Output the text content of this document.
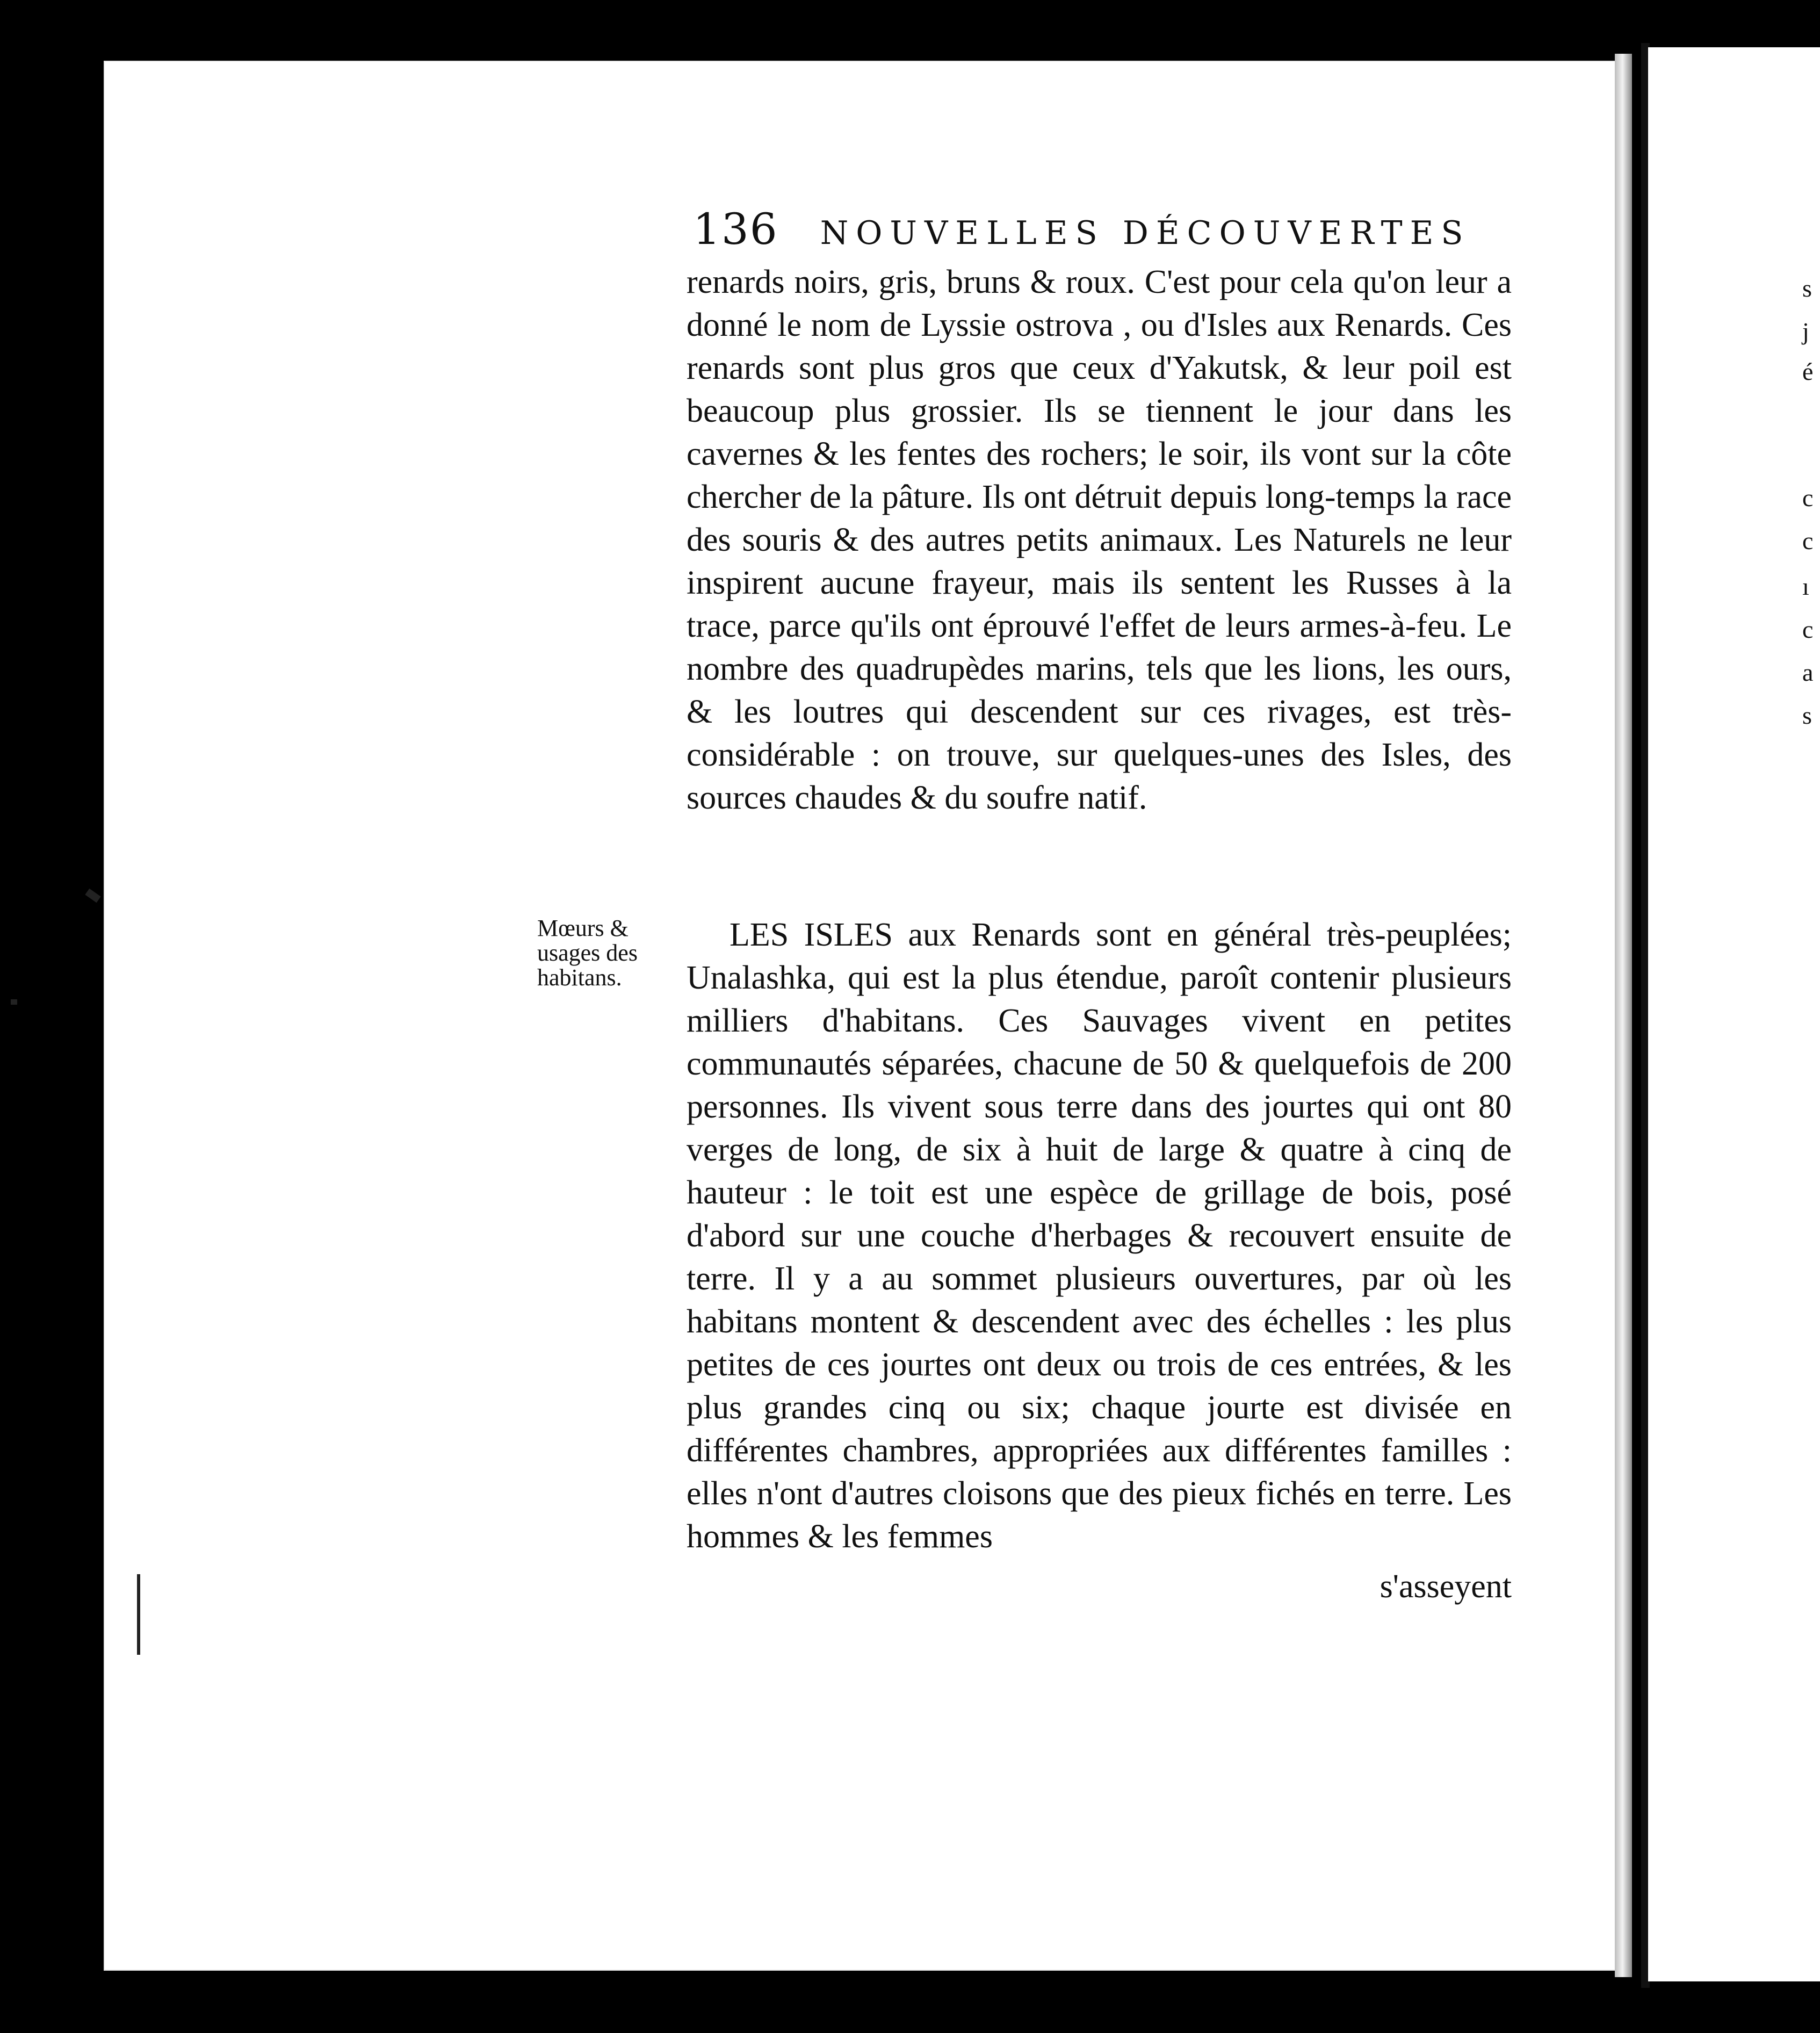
136 NOUVELLES DÉCOUVERTES

renards noirs, gris, bruns & roux. C'est pour cela qu'on leur a donné le nom de Lyssie ostrova , ou d'Isles aux Renards. Ces renards sont plus gros que ceux d'Yakutsk, & leur poil est beaucoup plus grossier. Ils se tiennent le jour dans les cavernes & les fentes des rochers; le soir, ils vont sur la côte chercher de la pâture. Ils ont détruit depuis long-temps la race des souris & des autres petits animaux. Les Naturels ne leur inspirent aucune frayeur, mais ils sentent les Russes à la trace, parce qu'ils ont éprouvé l'effet de leurs armes-à-feu. Le nombre des quadrupèdes marins, tels que les lions, les ours, & les loutres qui descendent sur ces rivages, est très-considérable : on trouve, sur quelques-unes des Isles, des sources chaudes & du soufre natif.

Mœurs &
usages des
habitans.

LES ISLES aux Renards sont en général très-peuplées; Unalashka, qui est la plus étendue, paroît contenir plusieurs milliers d'habitans. Ces Sauvages vivent en petites communautés séparées, chacune de 50 & quelquefois de 200 personnes. Ils vivent sous terre dans des jourtes qui ont 80 verges de long, de six à huit de large & quatre à cinq de hauteur : le toit est une espèce de grillage de bois, posé d'abord sur une couche d'herbages & recouvert ensuite de terre. Il y a au sommet plusieurs ouvertures, par où les habitans montent & descendent avec des échelles : les plus petites de ces jourtes ont deux ou trois de ces entrées, & les plus grandes cinq ou six; chaque jourte est divisée en différentes chambres, appropriées aux différentes familles : elles n'ont d'autres cloisons que des pieux fichés en terre. Les hommes & les femmes

s'asseyent
s
j
é
c
c
ı
c
a
s
